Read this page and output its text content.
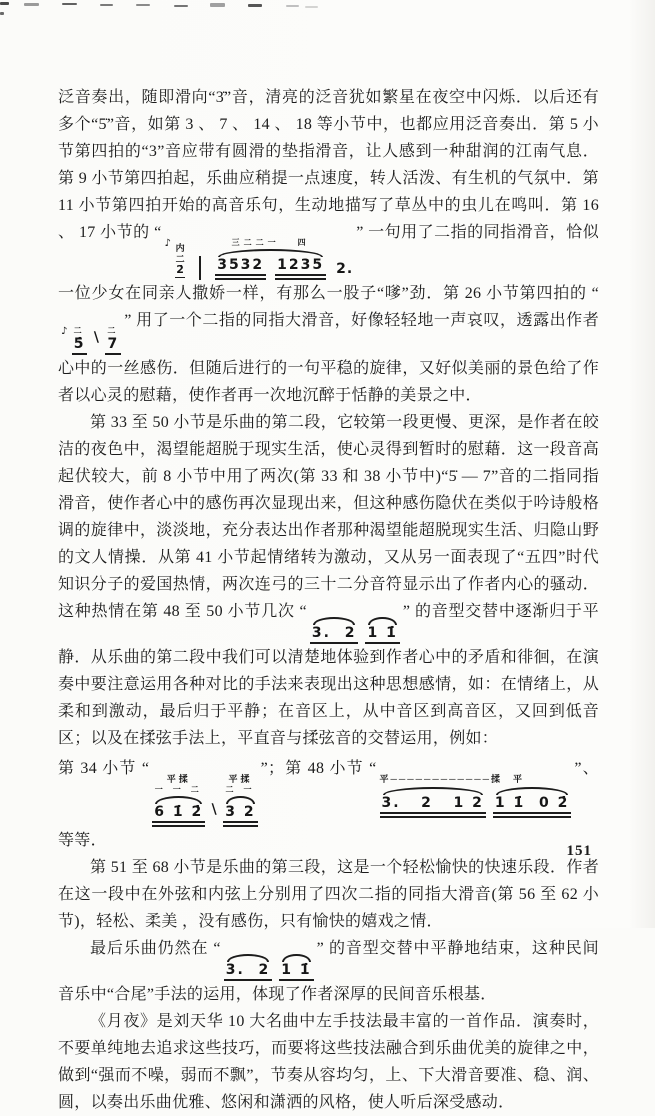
泛音奏出，随即滑向“3̇”音，清亮的泛音犹如繁星在夜空中闪烁．以后还有多个“5̇”音，如第 3 、 7 、 14 、 18 等小节中，也都应用泛音奏出．第 5 小节第四拍的“3”音应带有圆滑的垫指滑音，让人感到一种甜润的江南气息．第 9 小节第四拍起，乐曲应稍提一点速度，转人活泼、有生机的气氛中．第 11 小节第四拍开始的高音乐句，生动地描写了草丛中的虫儿在鸣叫．第 16 、 17 小节的 “
♪ 内
二
2̇
三二二一　 四
3532 1235 2.
” 一句用了二指的同指滑音，恰似一位少女在同亲人撒娇一样，有那么一股子“嗲”劲．第 26 小节第四拍的 “
♪ 二
5̇ ∖ 二
7
” 用了一个二指的同指大滑音，好像轻轻地一声哀叹，透露出作者心中的一丝感伤．但随后进行的一句平稳的旋律，又好似美丽的景色给了作者以心灵的慰藉，使作者再一次地沉醉于恬静的美景之中．

第 33 至 50 小节是乐曲的第二段，它较第一段更慢、更深，是作者在皎洁的夜色中，渴望能超脱于现实生活，使心灵得到暂时的慰藉．这一段音高起伏较大，前 8 小节中用了两次(第 33 和 38 小节中)“5̇ — 7”音的二指同指滑音，使作者心中的感伤再次显现出来，但这种感伤隐伏在类似于吟诗般格调的旋律中，淡淡地，充分表达出作者那种渴望能超脱现实生活、归隐山野的文人情操．从第 41 小节起情绪转为激动，又从另一面表现了“五四”时代知识分子的爱国热情，两次连弓的三十二分音符显示出了作者内心的骚动．这种热情在第 48 至 50 小节几次 “
3.  2 1 1̇
” 的音型交替中逐渐归于平静．从乐曲的第二段中我们可以清楚地体验到作者心中的矛盾和徘徊，在演奏中要注意运用各种对比的手法来表现出这种思想感情，如：在情绪上，从柔和到激动，最后归于平静；在音区上，从中音区到高音区，又回到低音区；以及在揉弦手法上，平直音与揉弦音的交替运用，例如：

第 34 小节 “
平揉
一 一 二
6 1̇ 2̇ ∖
平揉
二 一
3 2
”；第 48 小节 “
平────────────揉　平
3.   2   1 2 1 1̇  0 2̇
”、等等．

第 51 至 68 小节是乐曲的第三段，这是一个轻松愉快的快速乐段．作者在这一段中在外弦和内弦上分别用了四次二指的同指大滑音(第 56 至 62 小节)，轻松、柔美 ，没有感伤，只有愉快的嬉戏之情．

最后乐曲仍然在 “
3.  2 1 1̇
” 的音型交替中平静地结束，这种民间音乐中“合尾”手法的运用，体现了作者深厚的民间音乐根基．

《月夜》是刘天华 10 大名曲中左手技法最丰富的一首作品．演奏时，不要单纯地去追求这些技巧，而要将这些技法融合到乐曲优美的旋律之中，做到“强而不噪，弱而不飘”，节奏从容均匀，上、下大滑音要准、稳、润、圆，以奏出乐曲优雅、悠闲和潇洒的风格，使人听后深受感动．

151
